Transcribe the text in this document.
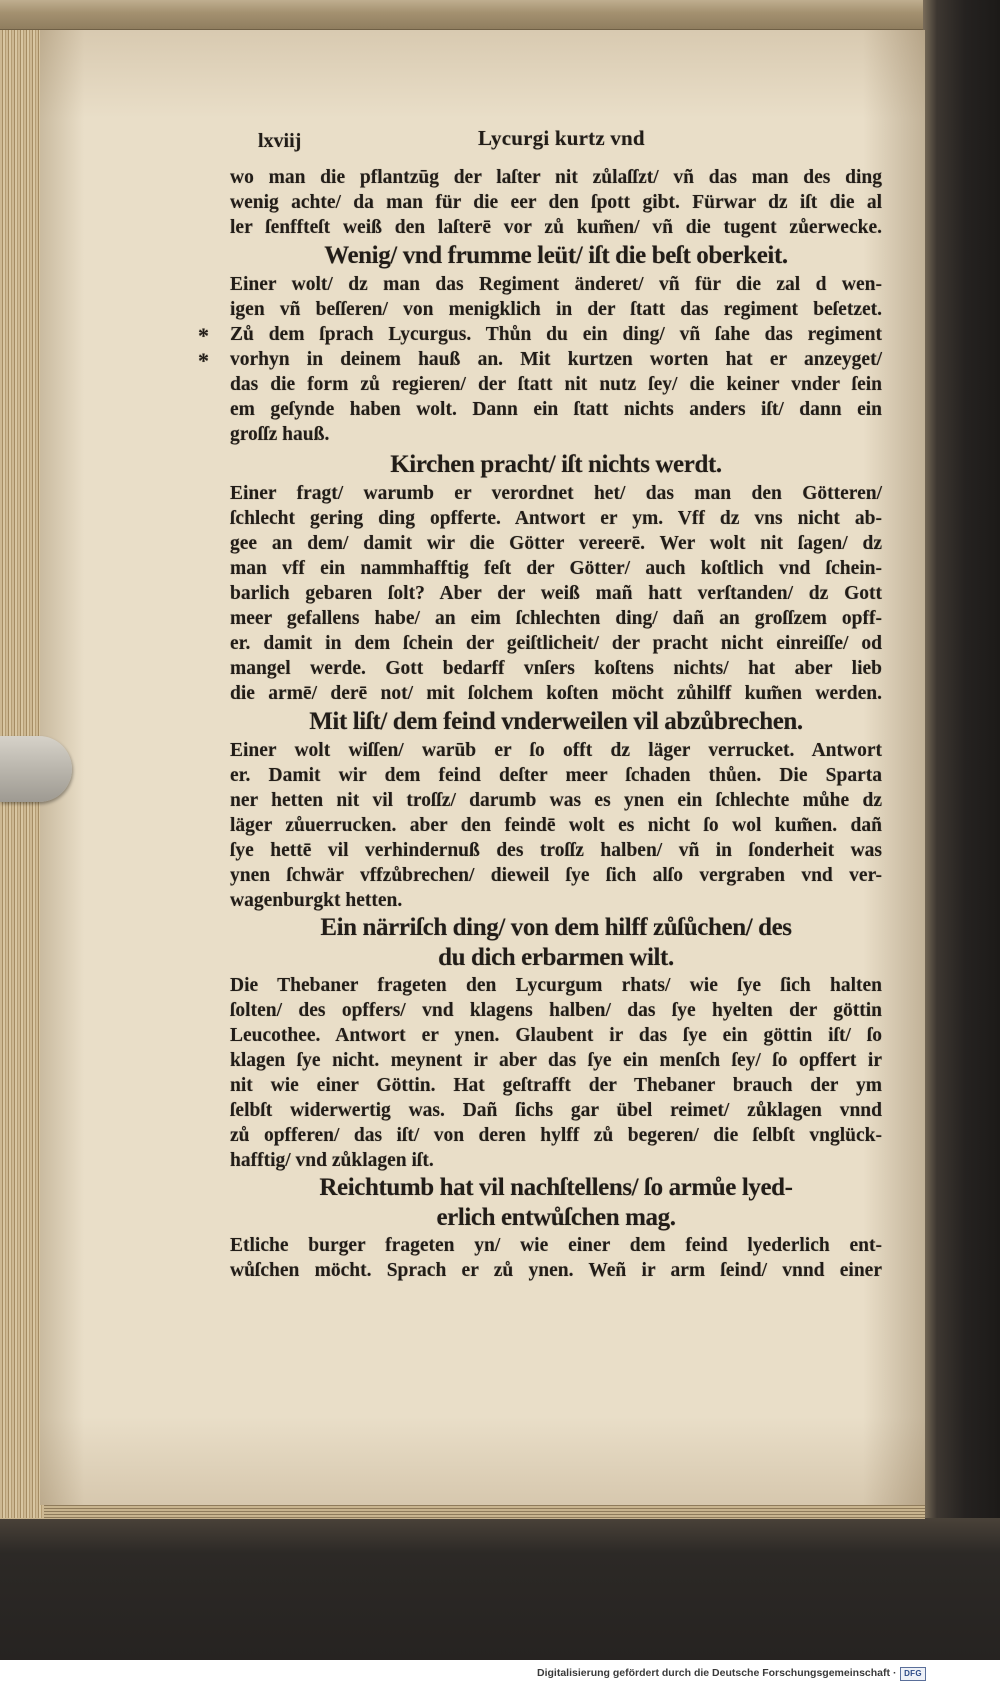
lxviij	Lycurgi kurtz vnd
wo man die pflantzūg der laſter nit zůlaſſzt/ vñ das man des ding
wenig achte/ da man für die eer den ſpott gibt. Fürwar dz iſt die al
ler ſenffteſt weiß den laſterē vor zů kum̃en/ vñ die tugent zůerwecke.
Wenig/ vnd frumme leüt/ iſt die beſt oberkeit.
Einer wolt/ dz man das Regiment änderet/ vñ für die zal d wen-
igen vñ beſſeren/ von menigklich in der ſtatt das regiment beſetzet.
* Zů dem ſprach Lycurgus. Thůn du ein ding/ vñ ſahe das regiment
* vorhyn in deinem hauß an. Mit kurtzen worten hat er anzeyget/
das die form zů regieren/ der ſtatt nit nutz ſey/ die keiner vnder ſein
em geſynde haben wolt. Dann ein ſtatt nichts anders iſt/ dann ein
groſſz hauß.
Kirchen pracht/ iſt nichts werdt.
Einer fragt/ warumb er verordnet het/ das man den Götteren/
ſchlecht gering ding opfferte. Antwort er ym. Vff dz vns nicht ab-
gee an dem/ damit wir die Götter vereerē. Wer wolt nit ſagen/ dz
man vff ein nammhafftig feſt der Götter/ auch koſtlich vnd ſchein-
barlich gebaren ſolt? Aber der weiß mañ hatt verſtanden/ dz Gott
meer gefallens habe/ an eim ſchlechten ding/ dañ an groſſzem opff-
er. damit in dem ſchein der geiſtlicheit/ der pracht nicht einreiſſe/ od
mangel werde. Gott bedarff vnſers koſtens nichts/ hat aber lieb
die armē/ derē not/ mit ſolchem koſten möcht zůhilff kum̃en werden.
Mit liſt/ dem feind vnderweilen vil abzůbrechen.
Einer wolt wiſſen/ warūb er ſo offt dz läger verrucket. Antwort
er. Damit wir dem feind deſter meer ſchaden thůen. Die Sparta
ner hetten nit vil troſſz/ darumb was es ynen ein ſchlechte můhe dz
läger zůuerrucken. aber den feindē wolt es nicht ſo wol kum̃en. dañ
ſye hettē vil verhindernuß des troſſz halben/ vñ in ſonderheit was
ynen ſchwär vffzůbrechen/ dieweil ſye ſich alſo vergraben vnd ver-
wagenburgkt hetten.
Ein närriſch ding/ von dem hilff zůſůchen/ des
du dich erbarmen wilt.
Die Thebaner frageten den Lycurgum rhats/ wie ſye ſich halten
ſolten/ des opffers/ vnd klagens halben/ das ſye hyelten der göttin
Leucothee. Antwort er ynen. Glaubent ir das ſye ein göttin iſt/ ſo
klagen ſye nicht. meynent ir aber das ſye ein menſch ſey/ ſo opffert ir
nit wie einer Göttin. Hat geſtrafft der Thebaner brauch der ym
ſelbſt widerwertig was. Dañ ſichs gar übel reimet/ zůklagen vnnd
zů opfferen/ das iſt/ von deren hylff zů begeren/ die ſelbſt vnglück-
hafftig/ vnd zůklagen iſt.
Reichtumb hat vil nachſtellens/ ſo armůe lyed-
erlich entwůſchen mag.
Etliche burger frageten yn/ wie einer dem feind lyederlich ent-
wůſchen möcht. Sprach er zů ynen. Weñ ir arm ſeind/ vnnd einer
Digitalisierung gefördert durch die Deutsche Forschungsgemeinschaft · DFG
